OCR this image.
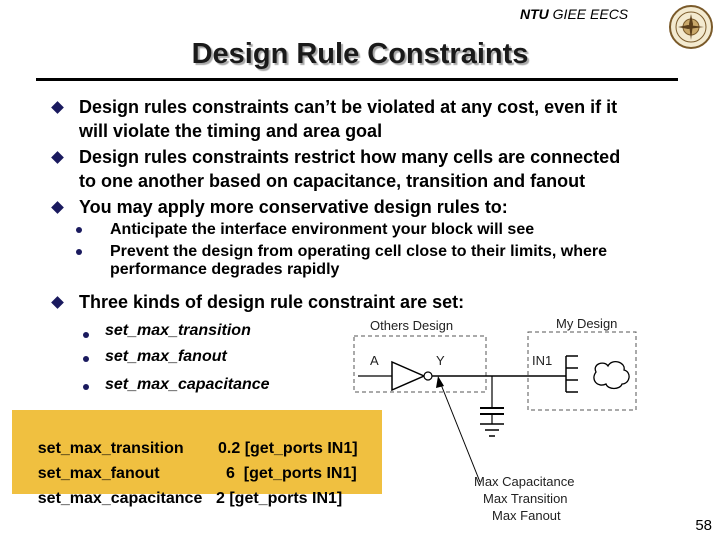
NTU GIEE EECS
Design Rule Constraints
Design rules constraints can’t be violated at any cost, even if it
will violate the timing and area goal
Design rules constraints restrict how many cells are connected
to one another based on capacitance, transition and fanout
You may apply more conservative design rules to:
Anticipate the interface environment your block will see
Prevent the design from operating cell close to their limits, where
performance degrades rapidly
Three kinds of design rule constraint are set:
set_max_transition
set_max_fanout
set_max_capacitance
Others Design	My Design
A	Y	IN1
Max Capacitance
Max Transition
Max Fanout

set_max_transition 0.2 [get_ports IN1]

set_max_fanout	6  [get_ports IN1]

set_max_capacitance 2 [get_ports IN1]

58
